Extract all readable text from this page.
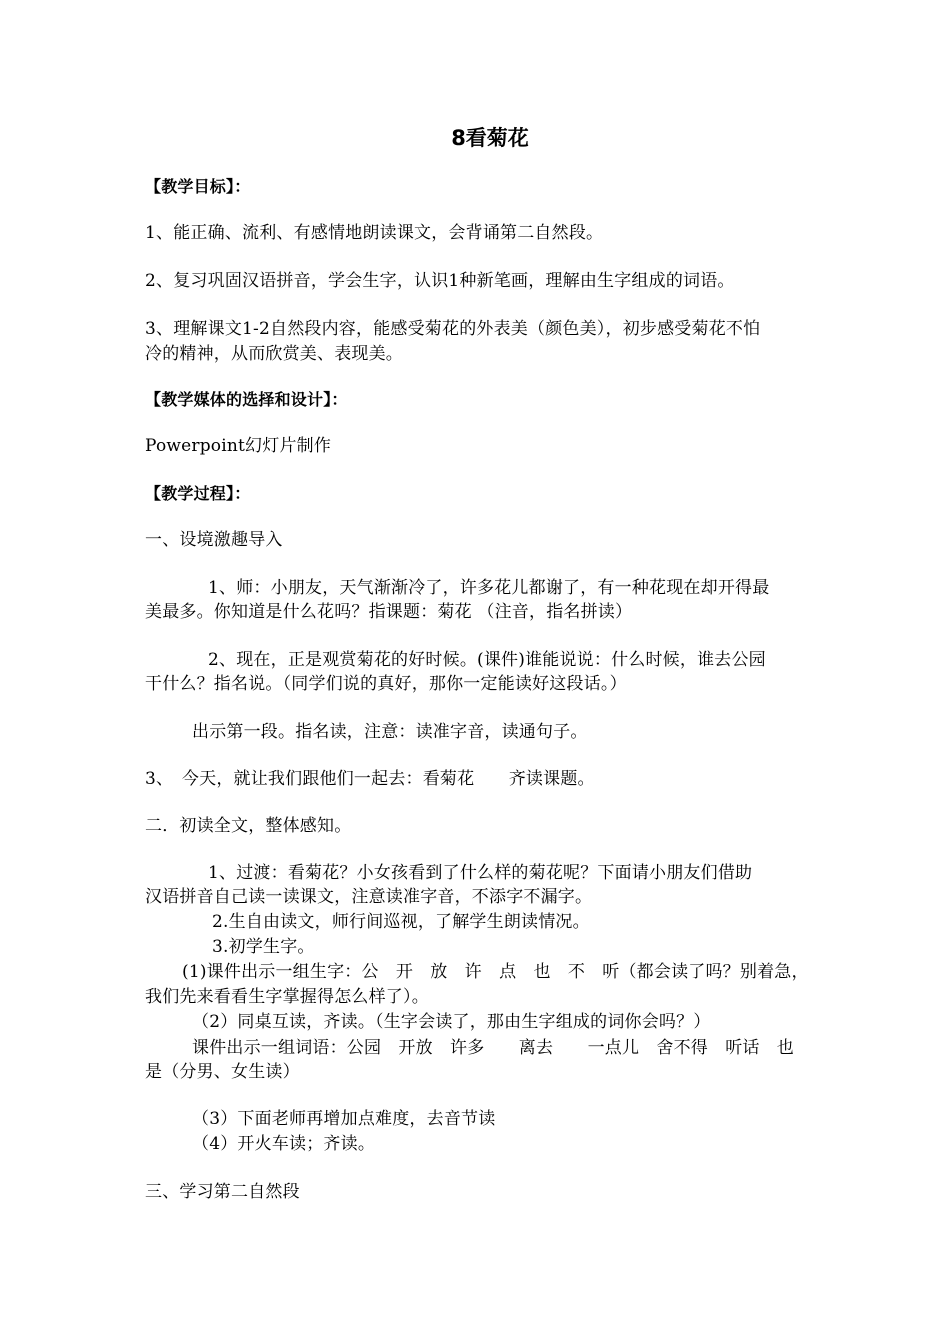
8看菊花
【教学目标】：
1、能正确、流利、有感情地朗读课文，会背诵第二自然段。
2、复习巩固汉语拼音，学会生字，认识1种新笔画，理解由生字组成的词语。
3、理解课文1-2自然段内容，能感受菊花的外表美（颜色美），初步感受菊花不怕
冷的精神，从而欣赏美、表现美。
【教学媒体的选择和设计】：
Powerpoint幻灯片制作
【教学过程】：
一、设境激趣导入
1、师：小朋友，天气渐渐冷了，许多花儿都谢了，有一种花现在却开得最
美最多。你知道是什么花吗？指课题：菊花 （注音，指名拼读）
2、现在，正是观赏菊花的好时候。(课件)谁能说说：什么时候，谁去公园
干什么？指名说。（同学们说的真好，那你一定能读好这段话。）
出示第一段。指名读，注意：读准字音，读通句子。
3、　今天，就让我们跟他们一起去：看菊花　　齐读课题。
二．初读全文，整体感知。
1、过渡：看菊花？小女孩看到了什么样的菊花呢？下面请小朋友们借助
汉语拼音自己读一读课文，注意读准字音，不添字不漏字。
2.生自由读文，师行间巡视，了解学生朗读情况。
3.初学生字。
(1)课件出示一组生字：公　开　放　许　点　也　不　听（都会读了吗？别着急，
我们先来看看生字掌握得怎么样了）。
（2）同桌互读，齐读。（生字会读了，那由生字组成的词你会吗？）
课件出示一组词语：公园　开放　许多　　离去　　一点儿　舍不得　听话　也
是（分男、女生读）
（3）下面老师再增加点难度，去音节读
（4）开火车读；齐读。
三、学习第二自然段
